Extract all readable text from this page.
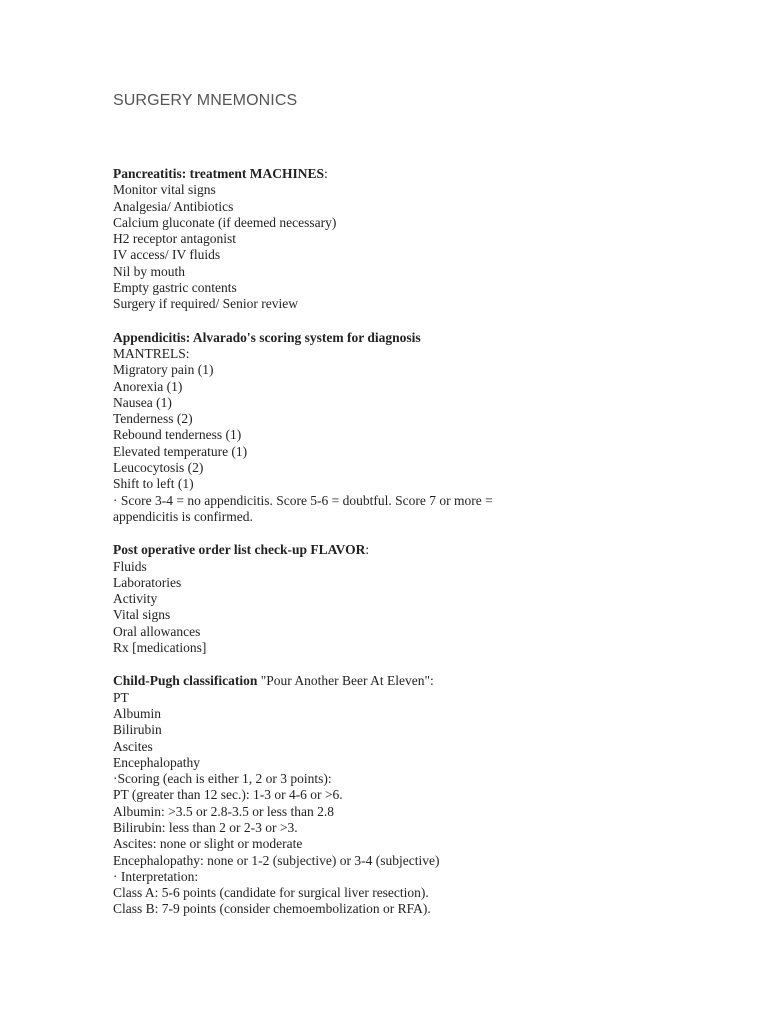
SURGERY MNEMONICS
Pancreatitis: treatment MACHINES:
Monitor vital signs
Analgesia/ Antibiotics
Calcium gluconate (if deemed necessary)
H2 receptor antagonist
IV access/ IV fluids
Nil by mouth
Empty gastric contents
Surgery if required/ Senior review
Appendicitis: Alvarado's scoring system for diagnosis
MANTRELS:
Migratory pain (1)
Anorexia (1)
Nausea (1)
Tenderness (2)
Rebound tenderness (1)
Elevated temperature (1)
Leucocytosis (2)
Shift to left (1)
· Score 3-4 = no appendicitis. Score 5-6 = doubtful. Score 7 or more = appendicitis is confirmed.
Post operative order list check-up FLAVOR:
Fluids
Laboratories
Activity
Vital signs
Oral allowances
Rx [medications]
Child-Pugh classification "Pour Another Beer At Eleven":
PT
Albumin
Bilirubin
Ascites
Encephalopathy
·Scoring (each is either 1, 2 or 3 points):
PT (greater than 12 sec.): 1-3 or 4-6 or >6.
Albumin: >3.5 or 2.8-3.5 or less than 2.8
Bilirubin: less than 2 or 2-3 or >3.
Ascites: none or slight or moderate
Encephalopathy: none or 1-2 (subjective) or 3-4 (subjective)
· Interpretation:
Class A: 5-6 points (candidate for surgical liver resection).
Class B: 7-9 points (consider chemoembolization or RFA).
